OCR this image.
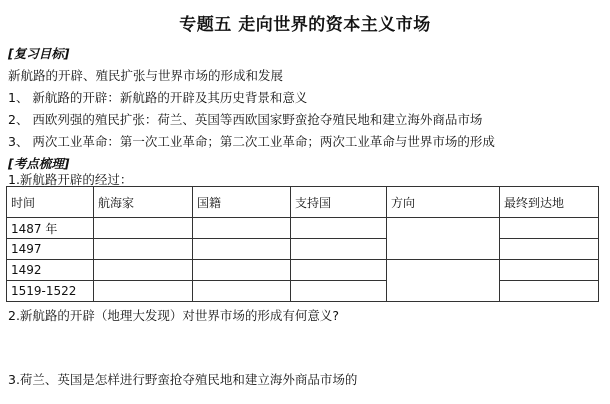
专题五 走向世界的资本主义市场
[复习目标]
新航路的开辟、殖民扩张与世界市场的形成和发展
1、 新航路的开辟：新航路的开辟及其历史背景和意义
2、 西欧列强的殖民扩张：荷兰、英国等西欧国家野蛮抢夺殖民地和建立海外商品市场
3、 两次工业革命：第一次工业革命；第二次工业革命；两次工业革命与世界市场的形成
[考点梳理]
1.新航路开辟的经过：
时间	航海家	国籍	支持国	方向	最终到达地
1487 年					
1497					
1492					
1519-1522					
2.新航路的开辟（地理大发现）对世界市场的形成有何意义?
3.荷兰、英国是怎样进行野蛮抢夺殖民地和建立海外商品市场的
